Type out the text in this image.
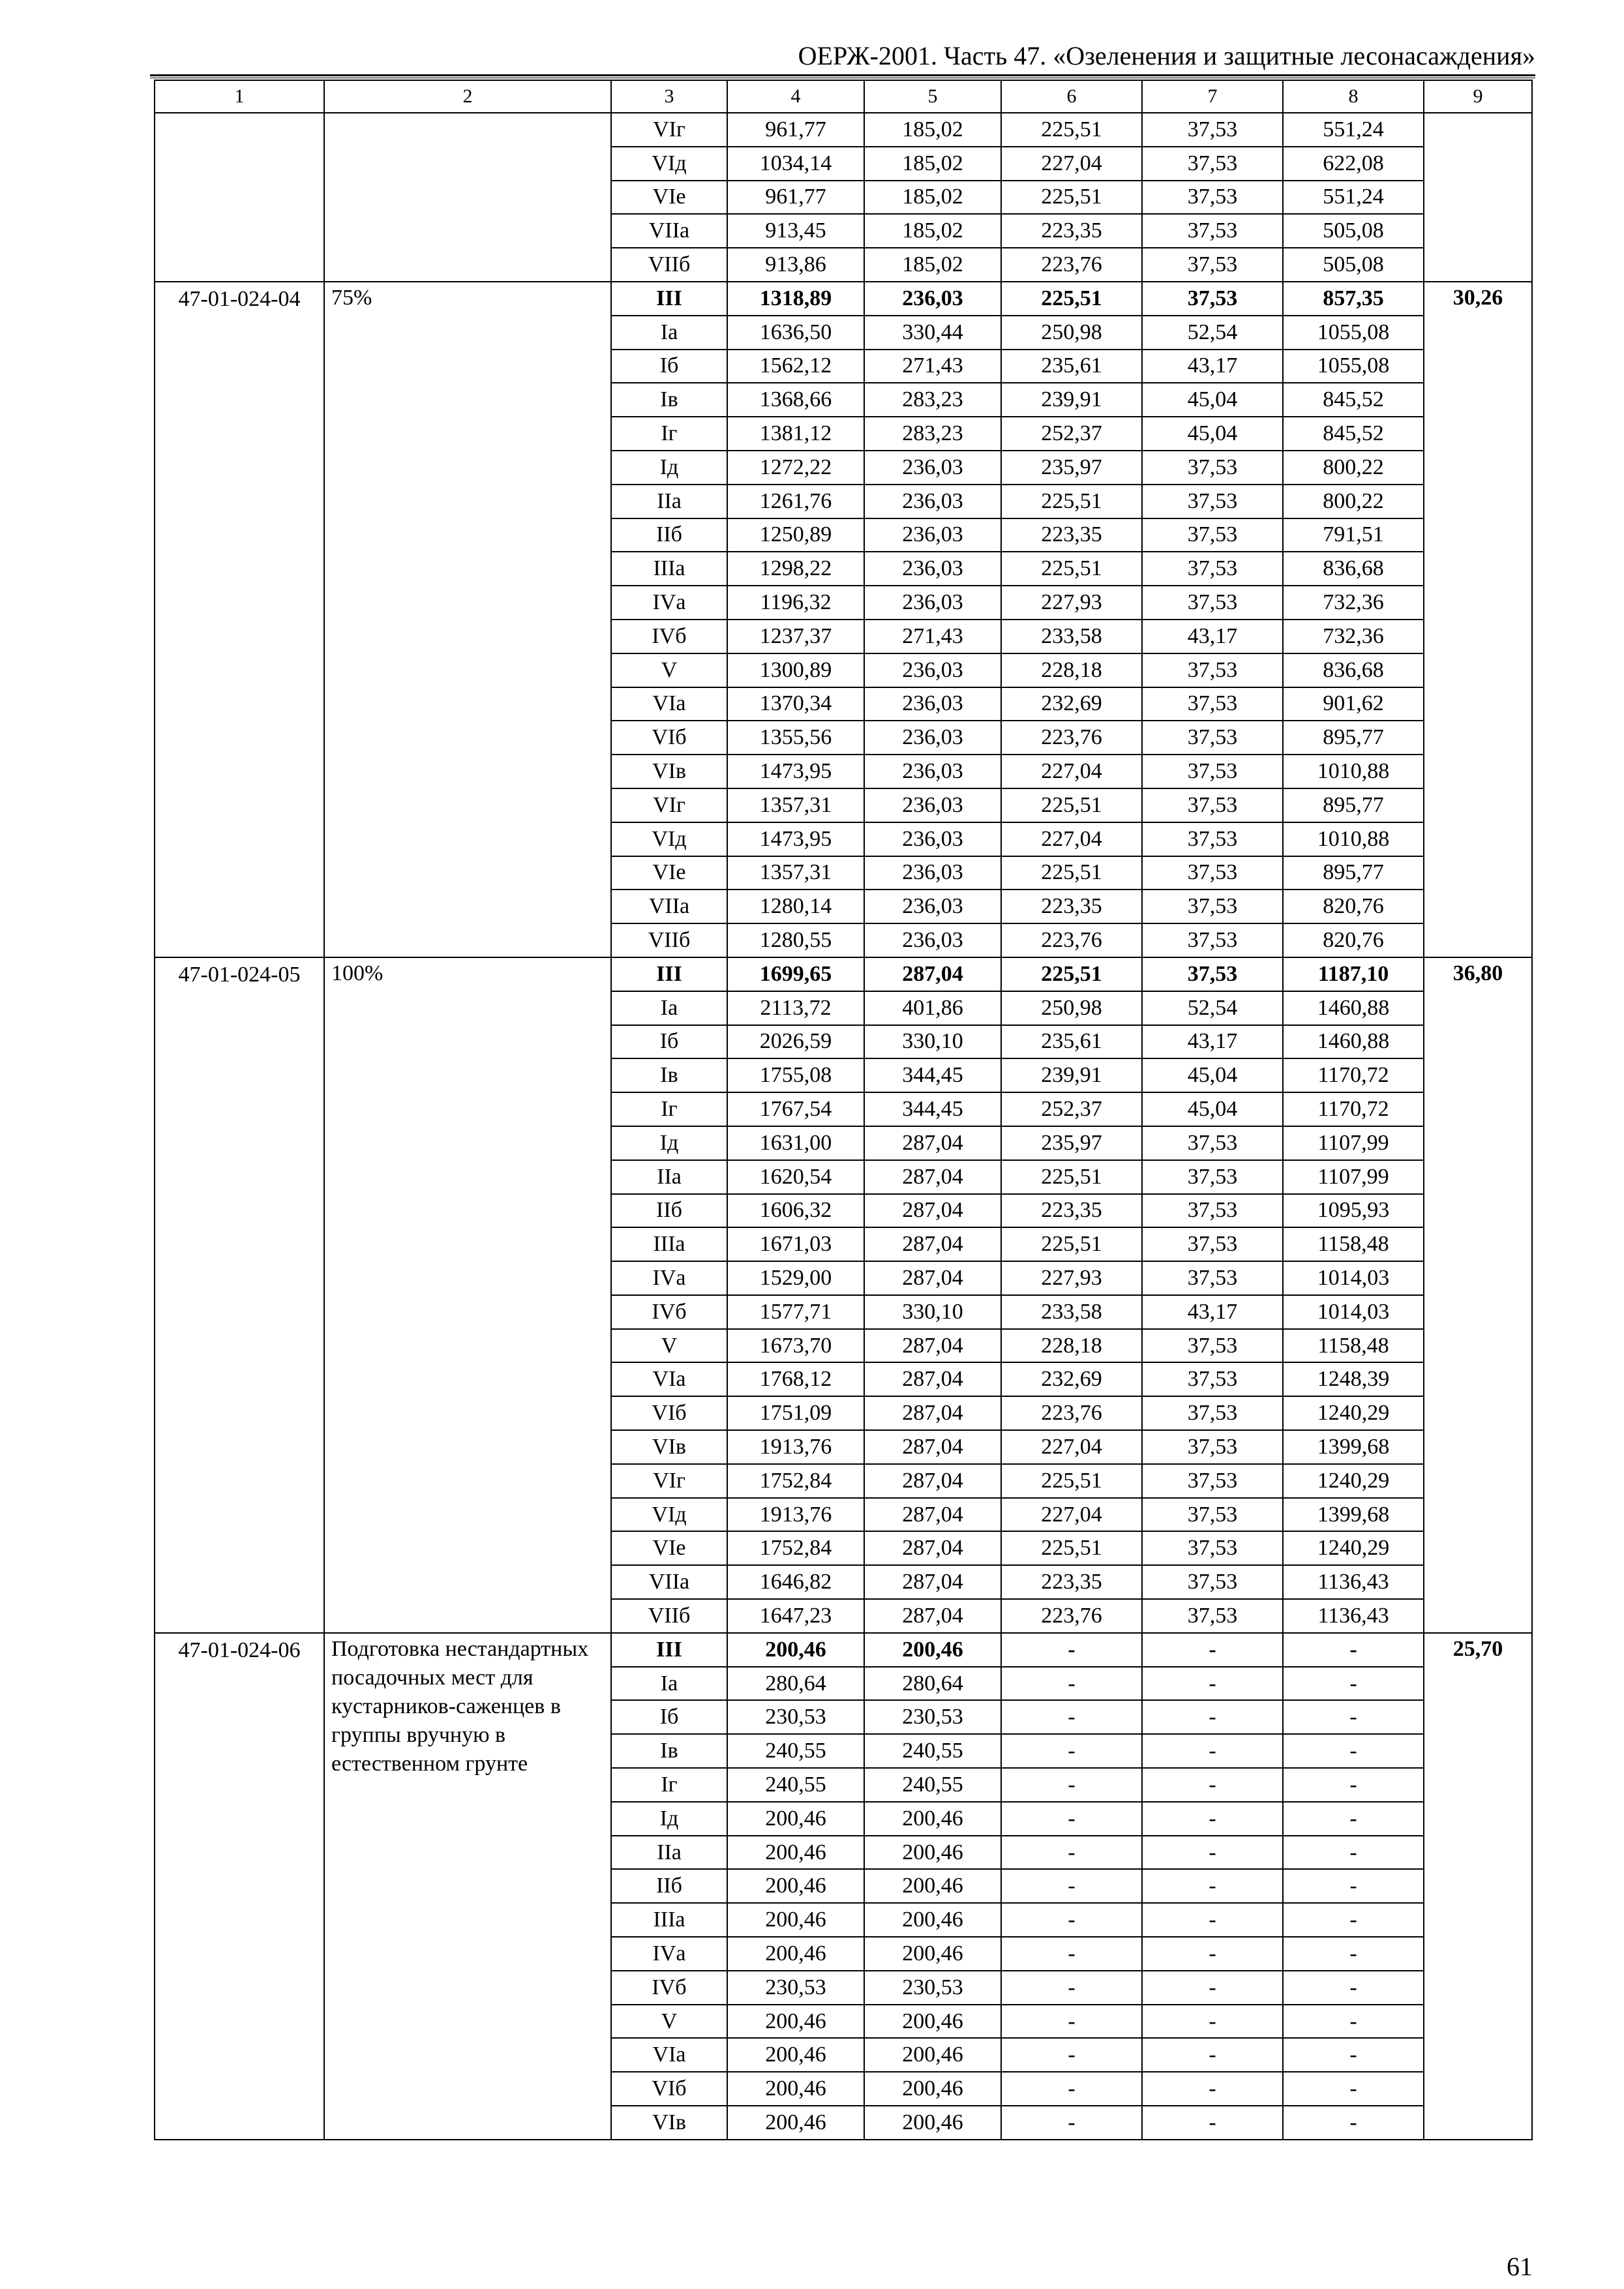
ОЕРЖ-2001. Часть 47. «Озеленения и защитные лесонасаждения»
1	2	3	4	5	6	7	8	9
		VIг	961,77	185,02	225,51	37,53	551,24	
		VIд	1034,14	185,02	227,04	37,53	622,08	
		VIе	961,77	185,02	225,51	37,53	551,24	
		VIIа	913,45	185,02	223,35	37,53	505,08	
		VIIб	913,86	185,02	223,76	37,53	505,08	
47-01-024-04	75%	III	1318,89	236,03	225,51	37,53	857,35	30,26
		Iа	1636,50	330,44	250,98	52,54	1055,08	
		Iб	1562,12	271,43	235,61	43,17	1055,08	
		Iв	1368,66	283,23	239,91	45,04	845,52	
		Iг	1381,12	283,23	252,37	45,04	845,52	
		Iд	1272,22	236,03	235,97	37,53	800,22	
		IIа	1261,76	236,03	225,51	37,53	800,22	
		IIб	1250,89	236,03	223,35	37,53	791,51	
		IIIа	1298,22	236,03	225,51	37,53	836,68	
		IVа	1196,32	236,03	227,93	37,53	732,36	
		IVб	1237,37	271,43	233,58	43,17	732,36	
		V	1300,89	236,03	228,18	37,53	836,68	
		VIа	1370,34	236,03	232,69	37,53	901,62	
		VIб	1355,56	236,03	223,76	37,53	895,77	
		VIв	1473,95	236,03	227,04	37,53	1010,88	
		VIг	1357,31	236,03	225,51	37,53	895,77	
		VIд	1473,95	236,03	227,04	37,53	1010,88	
		VIе	1357,31	236,03	225,51	37,53	895,77	
		VIIа	1280,14	236,03	223,35	37,53	820,76	
		VIIб	1280,55	236,03	223,76	37,53	820,76	
47-01-024-05	100%	III	1699,65	287,04	225,51	37,53	1187,10	36,80
		Iа	2113,72	401,86	250,98	52,54	1460,88	
		Iб	2026,59	330,10	235,61	43,17	1460,88	
		Iв	1755,08	344,45	239,91	45,04	1170,72	
		Iг	1767,54	344,45	252,37	45,04	1170,72	
		Iд	1631,00	287,04	235,97	37,53	1107,99	
		IIа	1620,54	287,04	225,51	37,53	1107,99	
		IIб	1606,32	287,04	223,35	37,53	1095,93	
		IIIа	1671,03	287,04	225,51	37,53	1158,48	
		IVа	1529,00	287,04	227,93	37,53	1014,03	
		IVб	1577,71	330,10	233,58	43,17	1014,03	
		V	1673,70	287,04	228,18	37,53	1158,48	
		VIа	1768,12	287,04	232,69	37,53	1248,39	
		VIб	1751,09	287,04	223,76	37,53	1240,29	
		VIв	1913,76	287,04	227,04	37,53	1399,68	
		VIг	1752,84	287,04	225,51	37,53	1240,29	
		VIд	1913,76	287,04	227,04	37,53	1399,68	
		VIе	1752,84	287,04	225,51	37,53	1240,29	
		VIIа	1646,82	287,04	223,35	37,53	1136,43	
		VIIб	1647,23	287,04	223,76	37,53	1136,43	
47-01-024-06	Подготовка нестандартных посадочных мест для кустарников-саженцев в группы вручную в естественном грунте	III	200,46	200,46	-	-	-	25,70
		Iа	280,64	280,64	-	-	-	
		Iб	230,53	230,53	-	-	-	
		Iв	240,55	240,55	-	-	-	
		Iг	240,55	240,55	-	-	-	
		Iд	200,46	200,46	-	-	-	
		IIа	200,46	200,46	-	-	-	
		IIб	200,46	200,46	-	-	-	
		IIIа	200,46	200,46	-	-	-	
		IVа	200,46	200,46	-	-	-	
		IVб	230,53	230,53	-	-	-	
		V	200,46	200,46	-	-	-	
		VIа	200,46	200,46	-	-	-	
		VIб	200,46	200,46	-	-	-	
		VIв	200,46	200,46	-	-	-	
61
